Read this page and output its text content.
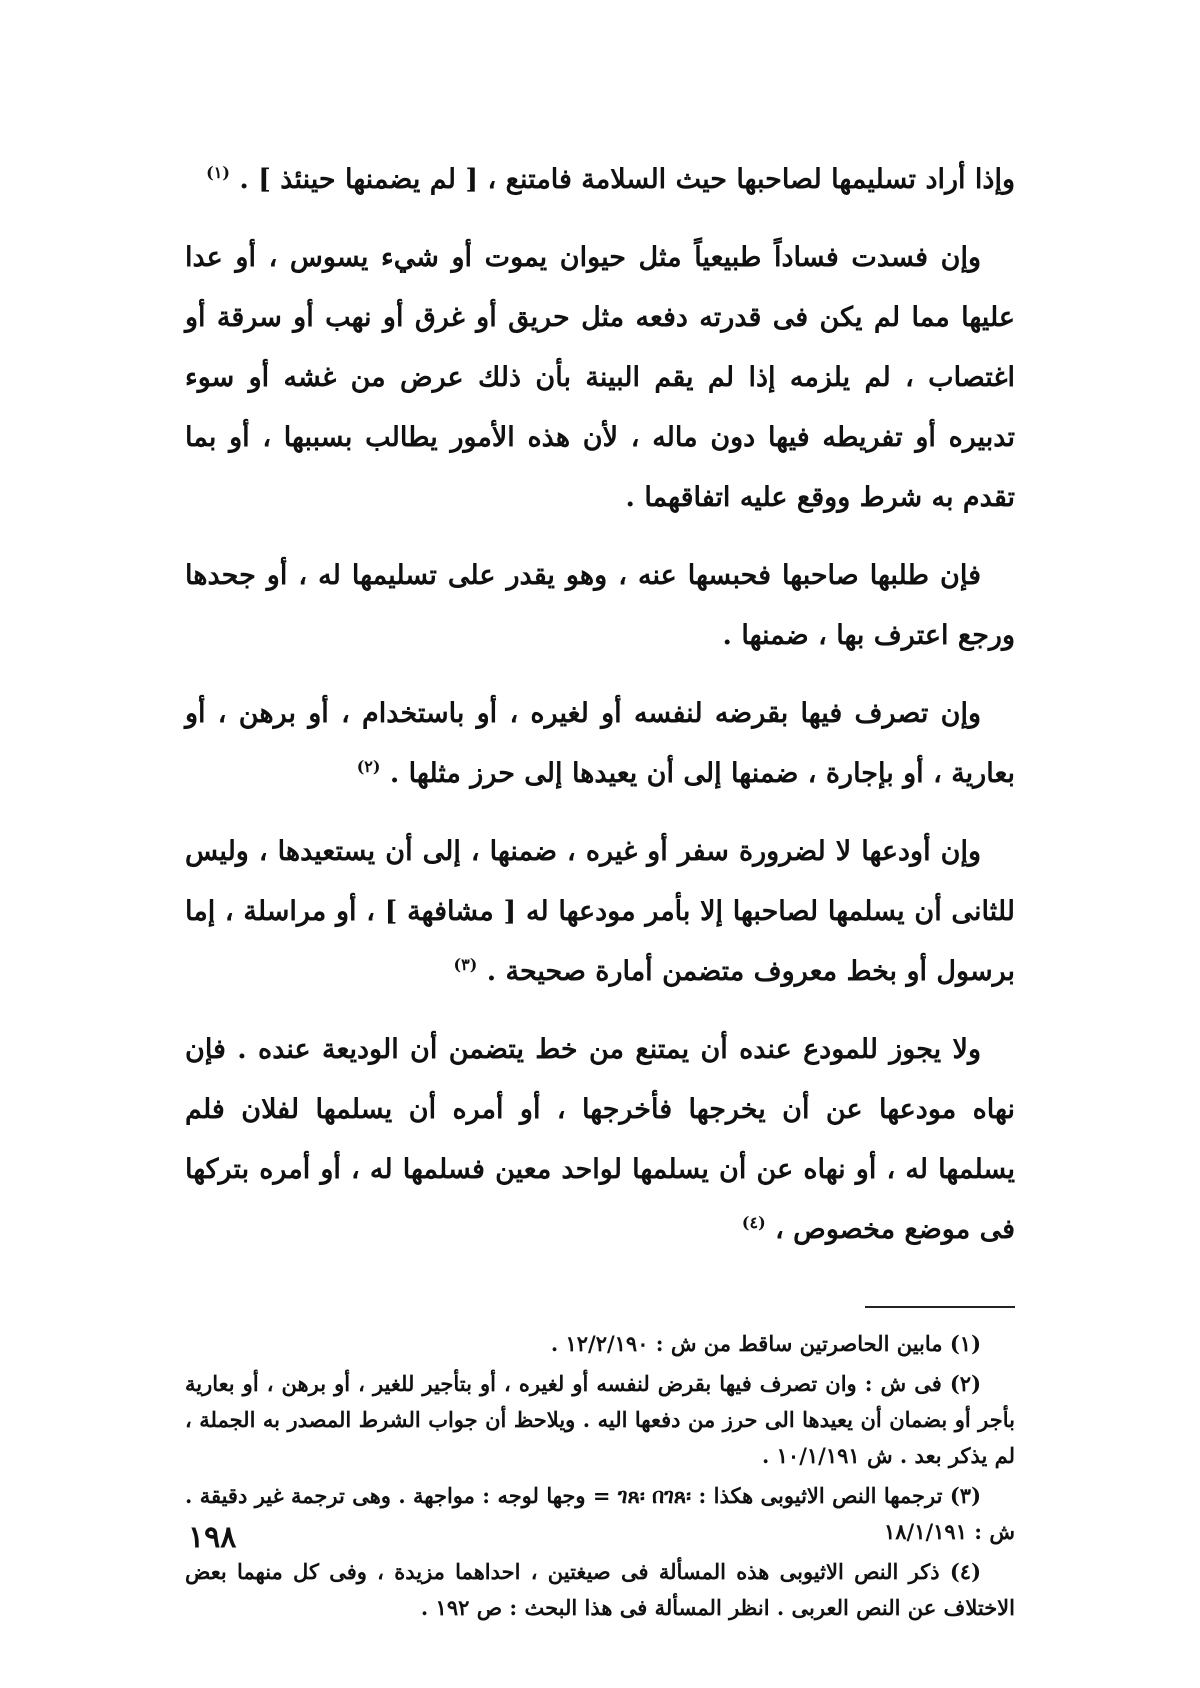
وإذا أراد تسليمها لصاحبها حيث السلامة فامتنع ، [ لم يضمنها حينئذ ] . $^{(١)}$

وإن فسدت فساداً طبيعياً مثل حيوان يموت أو شيء يسوس ، أو عدا عليها مما لم يكن فى قدرته دفعه مثل حريق أو غرق أو نهب أو سرقة أو اغتصاب ، لم يلزمه إذا لم يقم البينة بأن ذلك عرض من غشه أو سوء تدبيره أو تفريطه فيها دون ماله ، لأن هذه الأمور يطالب بسببها ، أو بما تقدم به شرط ووقع عليه اتفاقهما .

فإن طلبها صاحبها فحبسها عنه ، وهو يقدر على تسليمها له ، أو جحدها ورجع اعترف بها ، ضمنها .

وإن تصرف فيها بقرضه لنفسه أو لغيره ، أو باستخدام ، أو برهن ، أو بعارية ، أو بإجارة ، ضمنها إلى أن يعيدها إلى حرز مثلها . $^{(٢)}$

وإن أودعها لا لضرورة سفر أو غيره ، ضمنها ، إلى أن يستعيدها ، وليس للثانى أن يسلمها لصاحبها إلا بأمر مودعها له [ مشافهة ] ، أو مراسلة ، إما برسول أو بخط معروف متضمن أمارة صحيحة . $^{(٣)}$

ولا يجوز للمودع عنده أن يمتنع من خط يتضمن أن الوديعة عنده . فإن نهاه مودعها عن أن يخرجها فأخرجها ، أو أمره أن يسلمها لفلان فلم يسلمها له ، أو نهاه عن أن يسلمها لواحد معين فسلمها له ، أو أمره بتركها فى موضع مخصوص ، $^{(٤)}$

(١) مابين الحاصرتين ساقط من ش : ١٢/٢/١٩٠ .

(٢) فى ش : وان تصرف فيها بقرض لنفسه أو لغيره ، أو بتأجير للغير ، أو برهن ، أو بعارية بأجر أو بضمان أن يعيدها الى حرز من دفعها اليه . ويلاحظ أن جواب الشرط المصدر به الجملة ، لم يذكر بعد . ش ١٠/١/١٩١ .

(٣) ترجمها النص الاثيوبى هكذا : ገጸ፡ በገጸ፡ = وجها لوجه : مواجهة . وهى ترجمة غير دقيقة . ش : ١٨/١/١٩١

(٤) ذكر النص الاثيوبى هذه المسألة فى صيغتين ، احداهما مزيدة ، وفى كل منهما بعض الاختلاف عن النص العربى . انظر المسألة فى هذا البحث : ص ١٩٢ .

١٩٨
